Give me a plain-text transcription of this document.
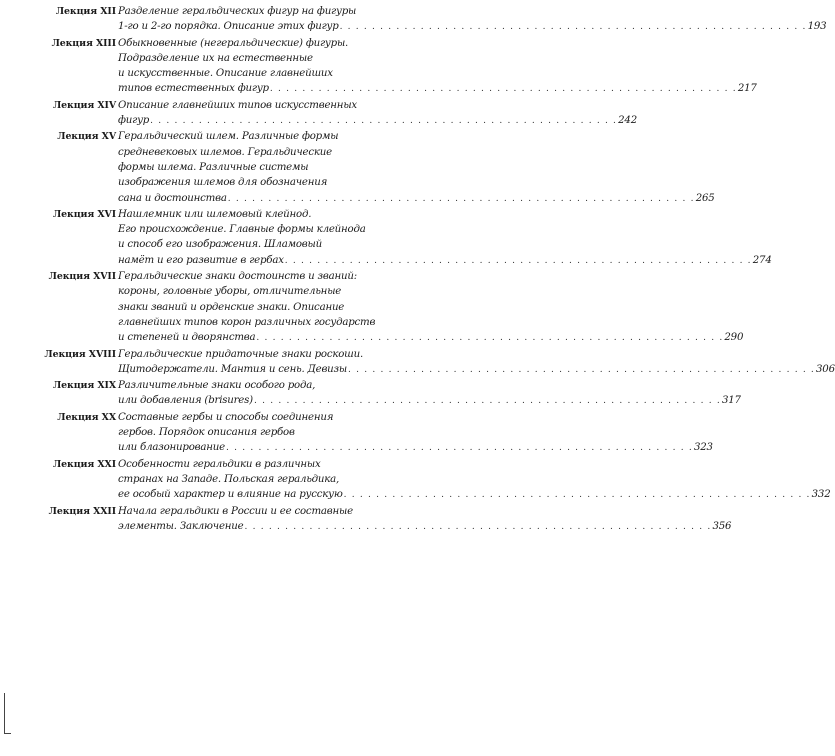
Лекция XII Разделение геральдических фигур на фигуры
1-го и 2-го порядка. Описание этих фигур . . . . . . . . . . . . . . . . . . . . . . . . . . . . . . . . . . . . . . . . . . . . . . . . . . . . . . . . . . 193
Лекция XIII Обыкновенные (негеральдические) фигуры.
Подразделение их на естественные
и искусственные. Описание главнейших
типов естественных фигур . . . . . . . . . . . . . . . . . . . . . . . . . . . . . . . . . . . . . . . . . . . . . . . . . . . . . . . . . . 217
Лекция XIV Описание главнейших типов искусственных
фигур . . . . . . . . . . . . . . . . . . . . . . . . . . . . . . . . . . . . . . . . . . . . . . . . . . . . . . . . . . 242
Лекция XV Геральдический шлем. Различные формы
средневековых шлемов. Геральдические
формы шлема. Различные системы
изображения шлемов для обозначения
сана и достоинства . . . . . . . . . . . . . . . . . . . . . . . . . . . . . . . . . . . . . . . . . . . . . . . . . . . . . . . . . . 265
Лекция XVI Нашлемник или шлемовый клейнод.
Его происхождение. Главные формы клейнода
и способ его изображения. Шламовый
намёт и его развитие в гербах . . . . . . . . . . . . . . . . . . . . . . . . . . . . . . . . . . . . . . . . . . . . . . . . . . . . . . . . . . 274
Лекция XVII Геральдические знаки достоинств и званий:
короны, головные уборы, отличительные
знаки званий и орденские знаки. Описание
главнейших типов корон различных государств
и степеней и дворянства . . . . . . . . . . . . . . . . . . . . . . . . . . . . . . . . . . . . . . . . . . . . . . . . . . . . . . . . . . 290
Лекция XVIII Геральдические придаточные знаки роскоши.
Щитодержатели. Мантия и сень. Девизы . . . . . . . . . . . . . . . . . . . . . . . . . . . . . . . . . . . . . . . . . . . . . . . . . . . . . . . . . . 306
Лекция XIX Различительные знаки особого рода,
или добавления (brisures) . . . . . . . . . . . . . . . . . . . . . . . . . . . . . . . . . . . . . . . . . . . . . . . . . . . . . . . . . . 317
Лекция XX Составные гербы и способы соединения
гербов. Порядок описания гербов
или блазонирование . . . . . . . . . . . . . . . . . . . . . . . . . . . . . . . . . . . . . . . . . . . . . . . . . . . . . . . . . . 323
Лекция XXI Особенности геральдики в различных
странах на Западе. Польская геральдика,
ее особый характер и влияние на русскую . . . . . . . . . . . . . . . . . . . . . . . . . . . . . . . . . . . . . . . . . . . . . . . . . . . . . . . . . . 332
Лекция XXII Начала геральдики в России и ее составные
элементы. Заключение . . . . . . . . . . . . . . . . . . . . . . . . . . . . . . . . . . . . . . . . . . . . . . . . . . . . . . . . . . 356
